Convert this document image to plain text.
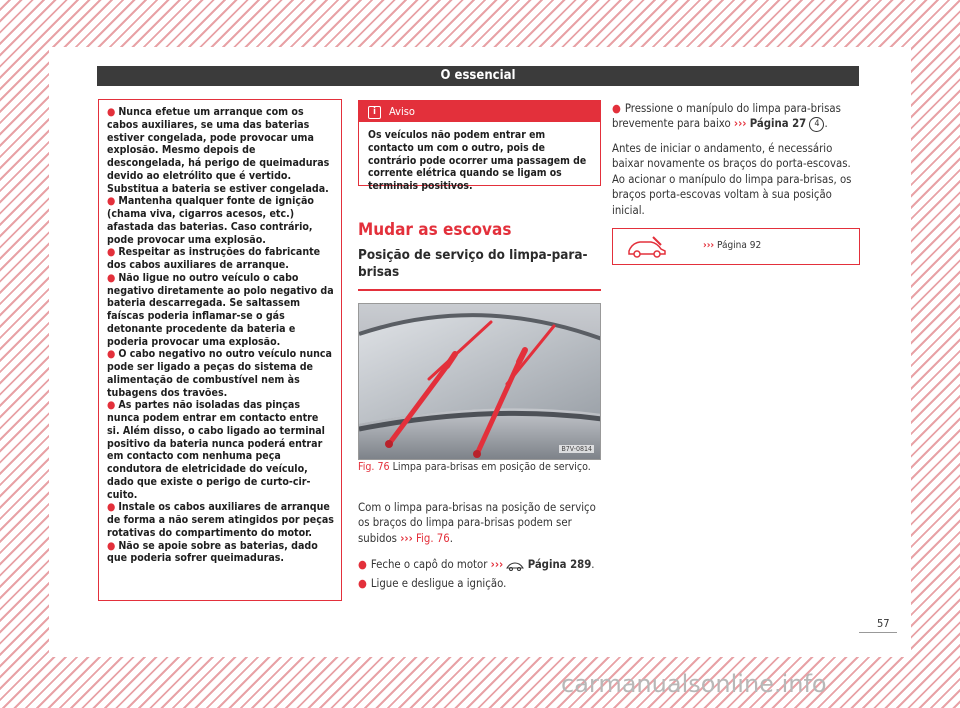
O essencial
● Nunca efetue um arranque com os cabos auxiliares, se uma das baterias estiver congelada, pode provocar uma explosão. Mesmo depois de descongelada, há perigo de queimaduras devido ao eletrólito que é vertido. Substitua a bateria se estiver congelada.
● Mantenha qualquer fonte de ignição (chama viva, cigarros acesos, etc.) afastada das baterias. Caso contrário, pode provocar uma explosão.
● Respeitar as instruções do fabricante dos cabos auxiliares de arranque.
● Não ligue no outro veículo o cabo negativo diretamente ao polo negativo da bateria descarregada. Se saltassem faíscas poderia inflamar-se o gás detonante procedente da bateria e poderia provocar uma explosão.
● O cabo negativo no outro veículo nunca pode ser ligado a peças do sistema de alimentação de combustível nem às tubagens dos travões.
● As partes não isoladas das pinças nunca podem entrar em contacto entre si. Além disso, o cabo ligado ao terminal positivo da bateria nunca poderá entrar em contacto com nenhuma peça condutora de eletricidade do veículo, dado que existe o perigo de curto-circuito.
● Instale os cabos auxiliares de arranque de forma a não serem atingidos por peças rotativas do compartimento do motor.
● Não se apoie sobre as baterias, dado que poderia sofrer queimaduras.
i Aviso
Os veículos não podem entrar em contacto um com o outro, pois de contrário pode ocorrer uma passagem de corrente elétrica quando se ligam os terminais positivos.
Mudar as escovas
Posição de serviço do limpa-para-brisas
B7V-0814
Fig. 76 Limpa para-brisas em posição de serviço.
Com o limpa para-brisas na posição de serviço os braços do limpa para-brisas podem ser subidos ››› Fig. 76.
● Feche o capô do motor ››› Página 289.
● Ligue e desligue a ignição.
● Pressione o manípulo do limpa para-brisas brevemente para baixo ››› Página 27 4 .
Antes de iniciar o andamento, é necessário baixar novamente os braços do porta-escovas. Ao acionar o manípulo do limpa para-brisas, os braços porta-escovas voltam à sua posição inicial.
››› Página 92
57
carmanualsonline.info
